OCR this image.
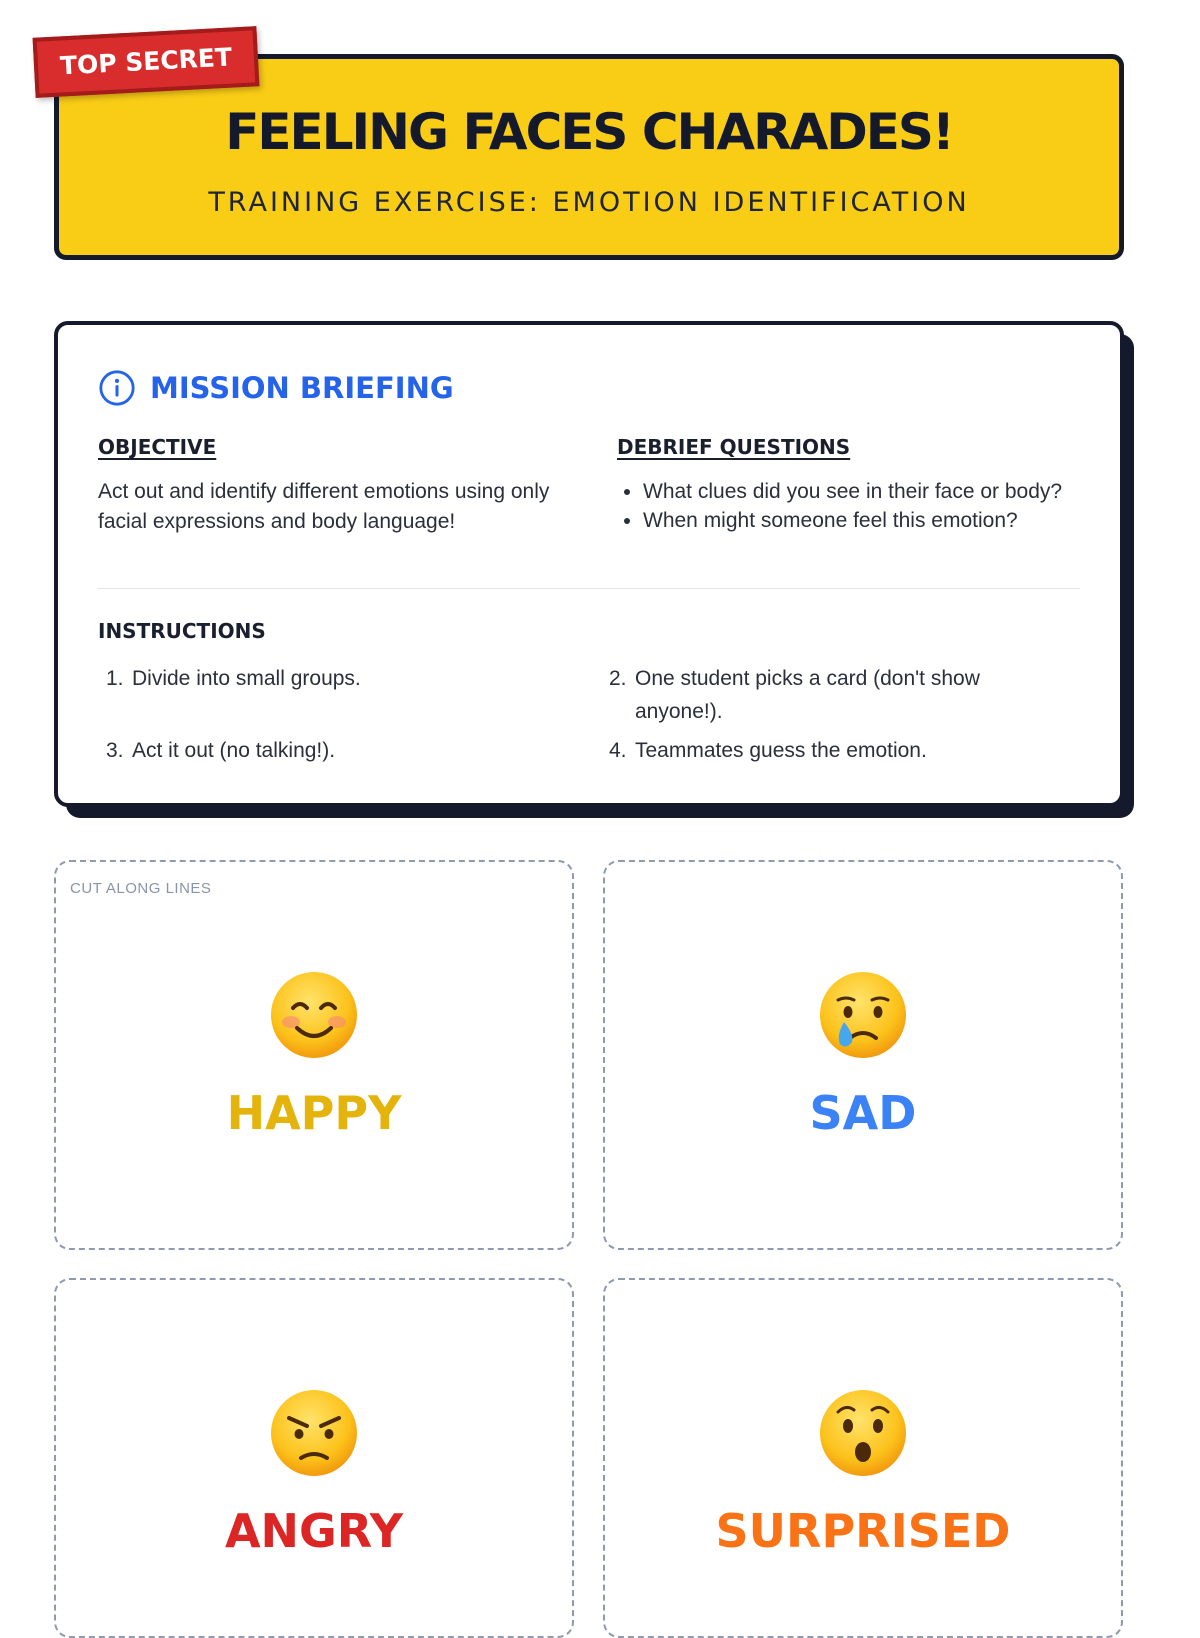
TOP SECRET
FEELING FACES CHARADES!
TRAINING EXERCISE: EMOTION IDENTIFICATION
MISSION BRIEFING
OBJECTIVE
Act out and identify different emotions using only facial expressions and body language!
DEBRIEF QUESTIONS
• What clues did you see in their face or body?
• When might someone feel this emotion?
INSTRUCTIONS
1. Divide into small groups.	2. One student picks a card (don't show anyone!).
3. Act it out (no talking!).	4. Teammates guess the emotion.
CUT ALONG LINES
HAPPY	SAD
ANGRY	SURPRISED
